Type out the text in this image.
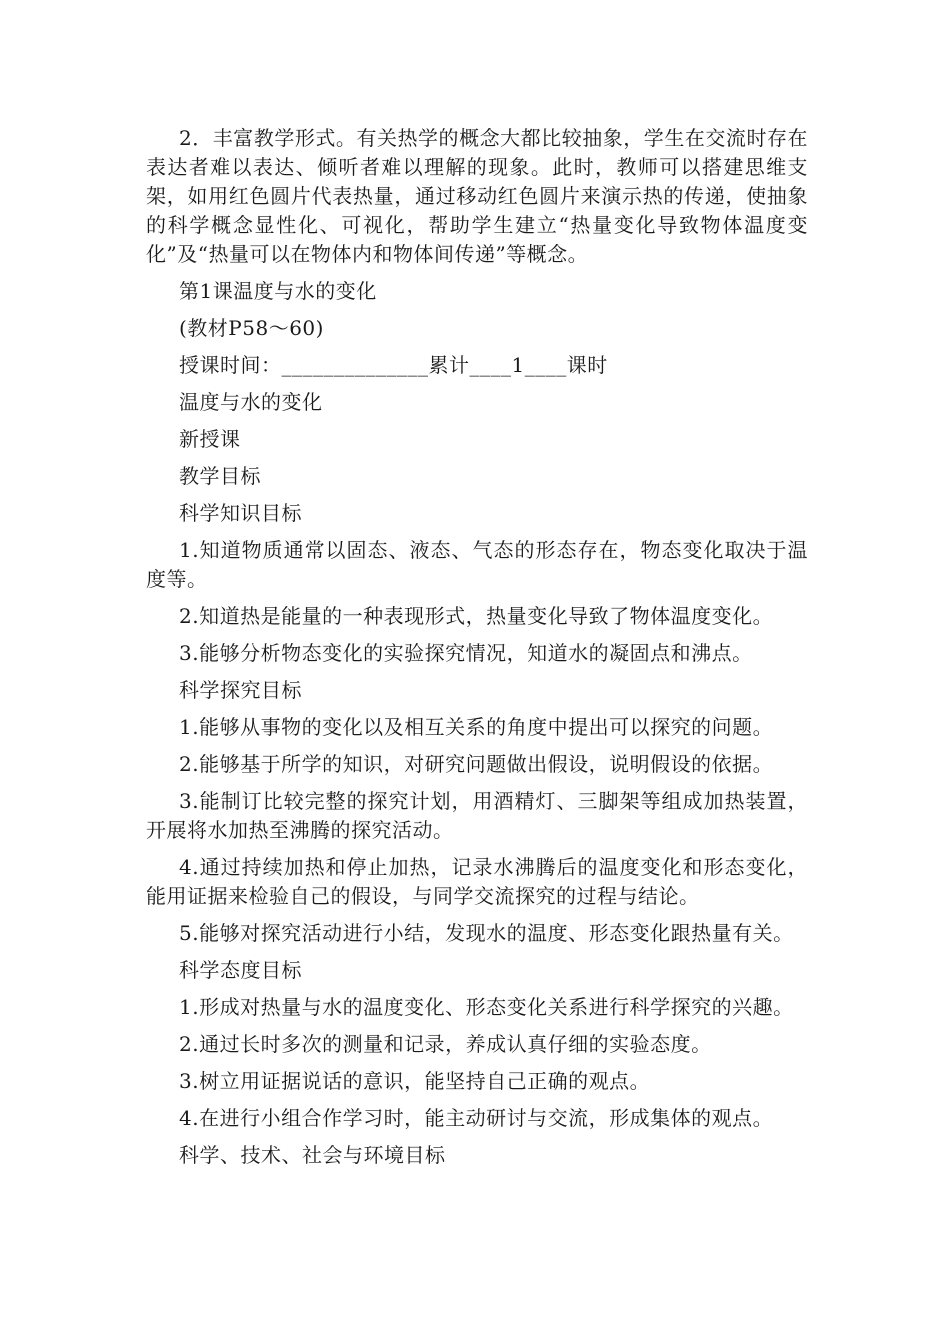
2．丰富教学形式。有关热学的概念大都比较抽象，学生在交流时存在表达者难以表达、倾听者难以理解的现象。此时，教师可以搭建思维支架，如用红色圆片代表热量，通过移动红色圆片来演示热的传递，使抽象的科学概念显性化、可视化，帮助学生建立“热量变化导致物体温度变化”及“热量可以在物体内和物体间传递”等概念。

第1课温度与水的变化

(教材P58～60)

授课时间：______________累计____1____课时

温度与水的变化

新授课

教学目标

科学知识目标

1.知道物质通常以固态、液态、气态的形态存在，物态变化取决于温度等。

2.知道热是能量的一种表现形式，热量变化导致了物体温度变化。

3.能够分析物态变化的实验探究情况，知道水的凝固点和沸点。

科学探究目标

1.能够从事物的变化以及相互关系的角度中提出可以探究的问题。

2.能够基于所学的知识，对研究问题做出假设，说明假设的依据。

3.能制订比较完整的探究计划，用酒精灯、三脚架等组成加热装置，开展将水加热至沸腾的探究活动。

4.通过持续加热和停止加热，记录水沸腾后的温度变化和形态变化，能用证据来检验自己的假设，与同学交流探究的过程与结论。

5.能够对探究活动进行小结，发现水的温度、形态变化跟热量有关。

科学态度目标

1.形成对热量与水的温度变化、形态变化关系进行科学探究的兴趣。

2.通过长时多次的测量和记录，养成认真仔细的实验态度。

3.树立用证据说话的意识，能坚持自己正确的观点。

4.在进行小组合作学习时，能主动研讨与交流，形成集体的观点。

科学、技术、社会与环境目标
